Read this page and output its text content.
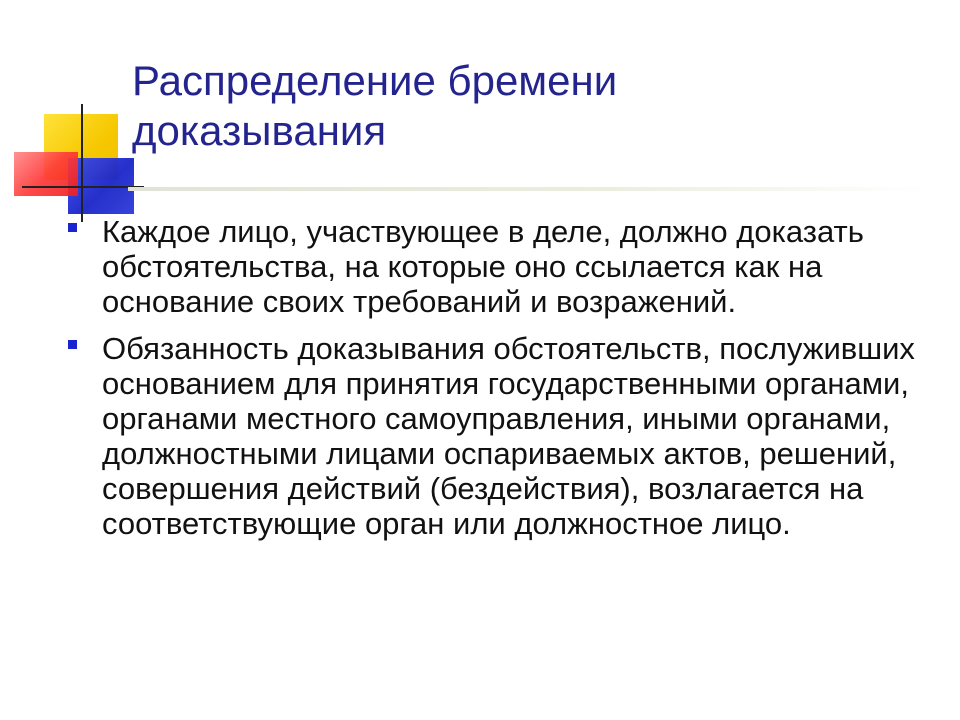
Распределение бремени
доказывания
Каждое лицо, участвующее в деле, должно доказать обстоятельства, на которые оно ссылается как на основание своих требований и возражений.
Обязанность доказывания обстоятельств, послуживших основанием для принятия государственными органами, органами местного самоуправления, иными органами, должностными лицами оспариваемых актов, решений, совершения действий (бездействия), возлагается на соответствующие орган или должностное лицо.
